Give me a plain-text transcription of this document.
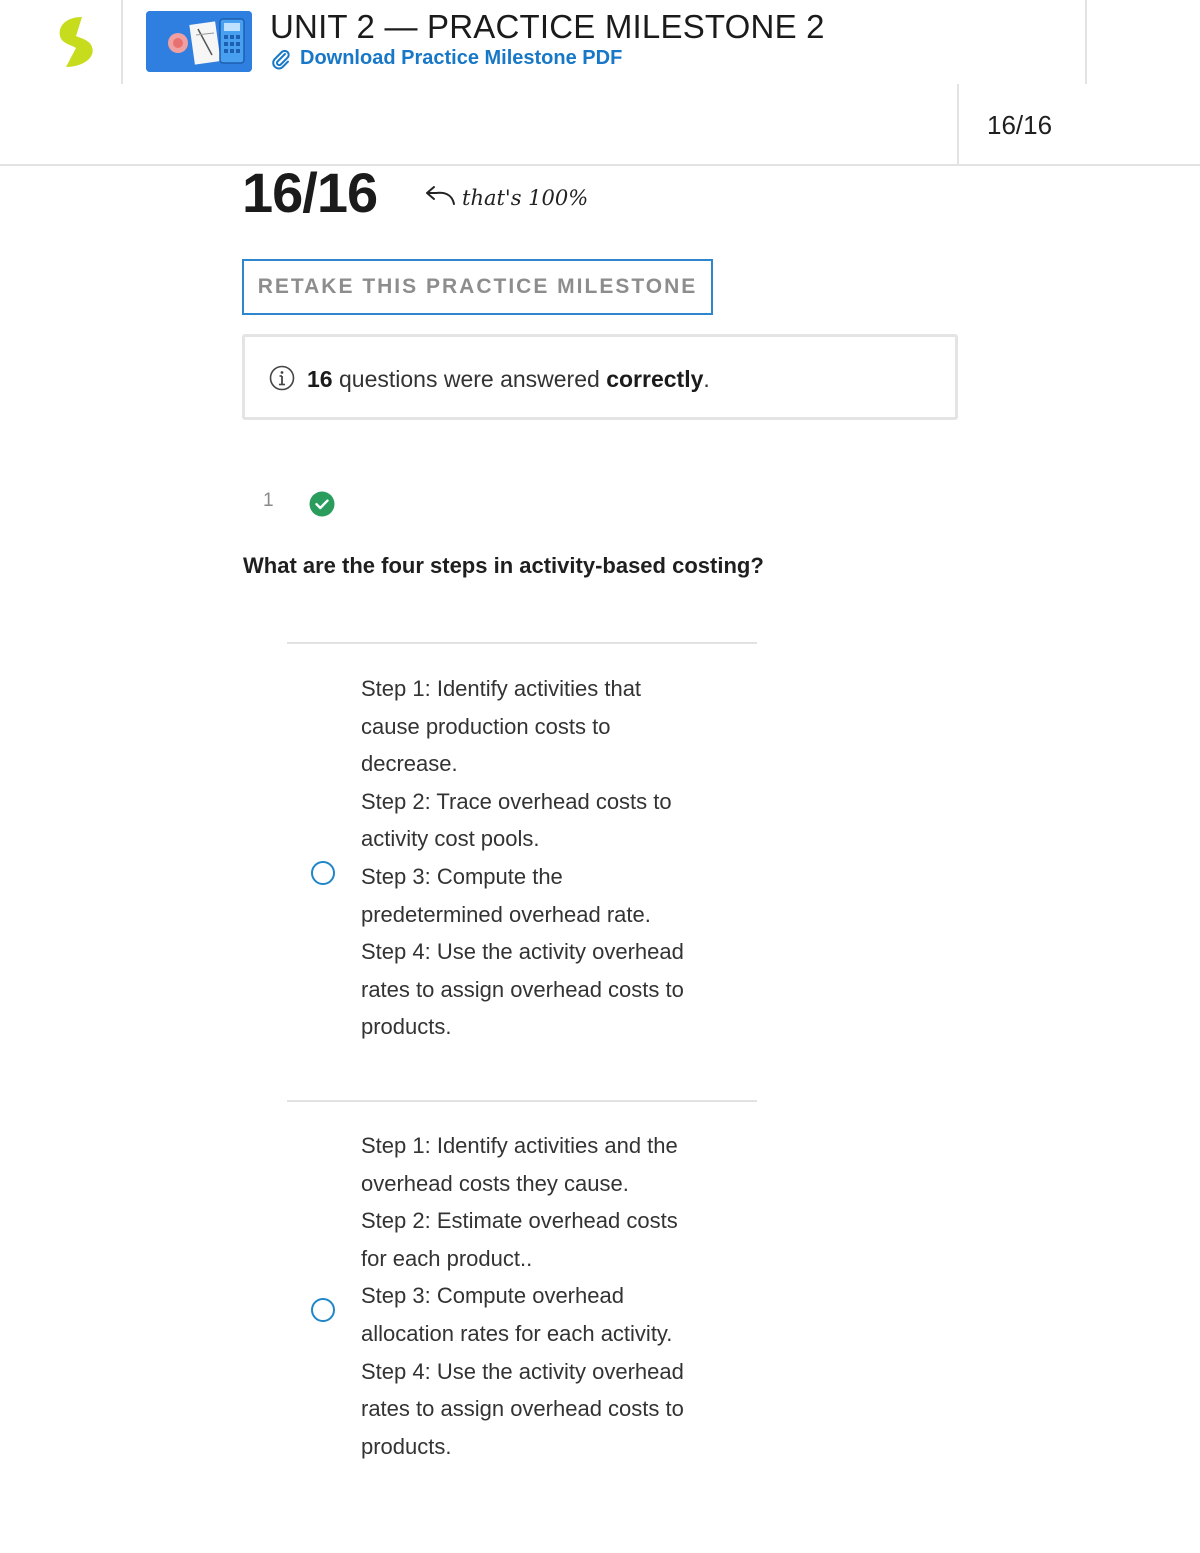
UNIT 2 — PRACTICE MILESTONE 2
Download Practice Milestone PDF
16/16
16/16	that's 100%
RETAKE THIS PRACTICE MILESTONE
16 questions were answered correctly.
1

What are the four steps in activity-based costing?

Step 1: Identify activities that
cause production costs to
decrease.
Step 2: Trace overhead costs to
activity cost pools.
Step 3: Compute the
predetermined overhead rate.
Step 4: Use the activity overhead
rates to assign overhead costs to
products.
Step 1: Identify activities and the
overhead costs they cause.
Step 2: Estimate overhead costs
for each product..
Step 3: Compute overhead
allocation rates for each activity.
Step 4: Use the activity overhead
rates to assign overhead costs to
products.
